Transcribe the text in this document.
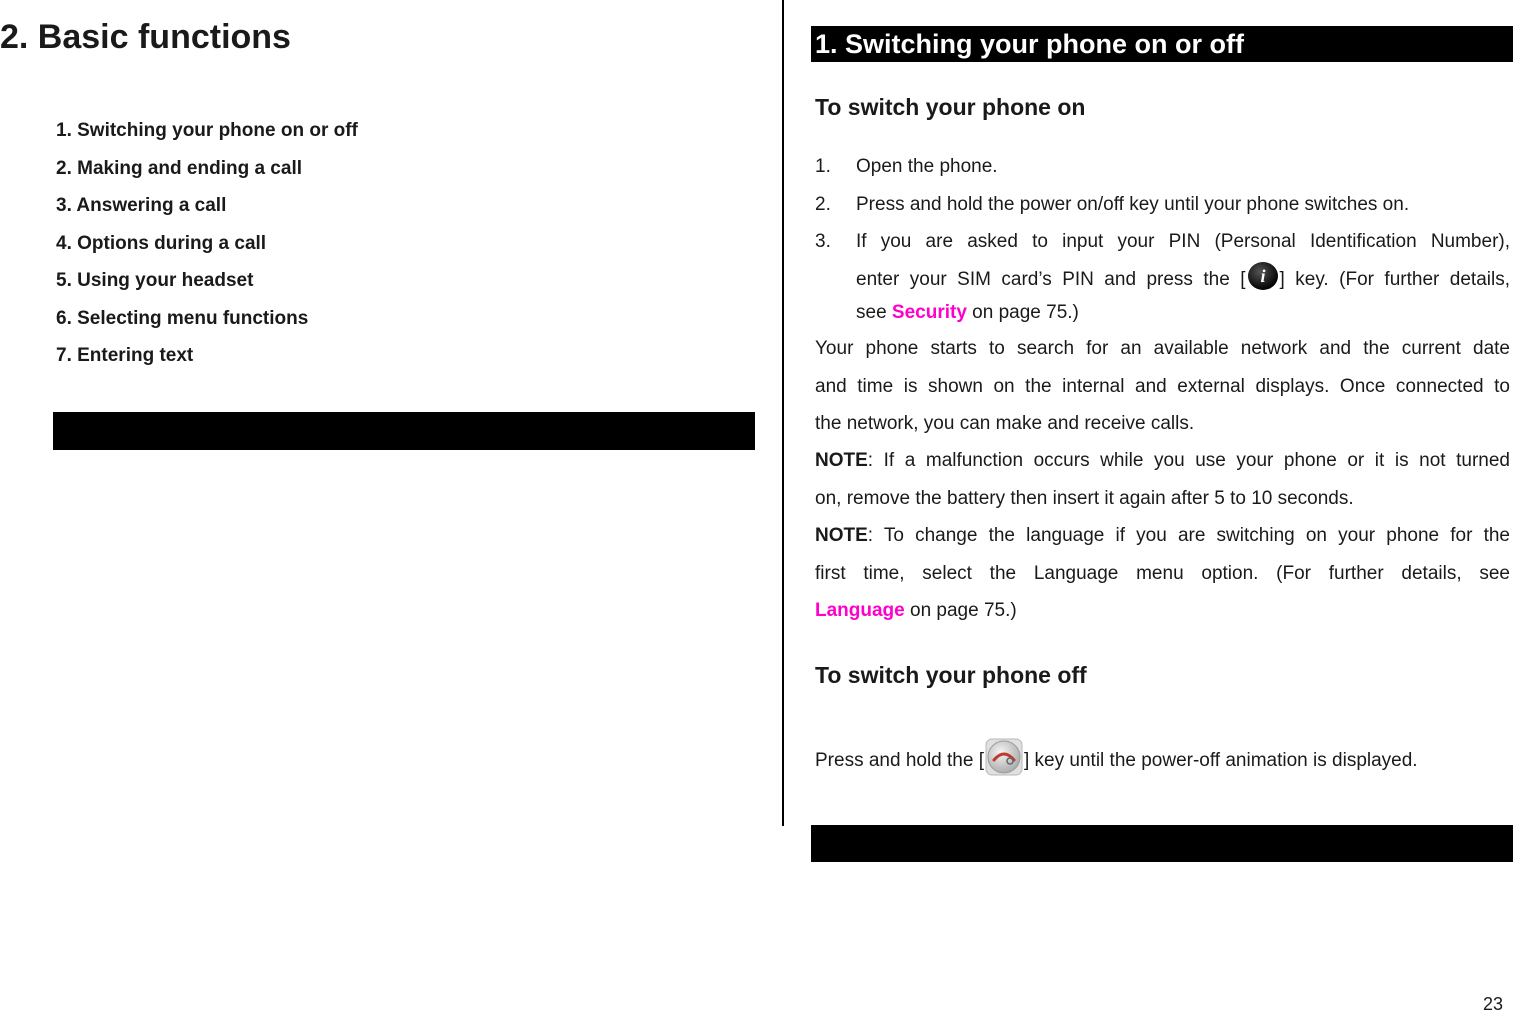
2. Basic functions
1. Switching your phone on or off
2. Making and ending a call
3. Answering a call
4. Options during a call
5. Using your headset
6. Selecting menu functions
7. Entering text
1. Switching your phone on or off
To switch your phone on
1. Open the phone.
2. Press and hold the power on/off key until your phone switches on.
3. If you are asked to input your PIN (Personal Identification Number),
enter your SIM card’s PIN and press the [ i ] key. (For further details,
see Security on page 75.)

Your phone starts to search for an available network and the current date
and time is shown on the internal and external displays. Once connected to
the network, you can make and receive calls.

NOTE: If a malfunction occurs while you use your phone or it is not turned
on, remove the battery then insert it again after 5 to 10 seconds.

NOTE: To change the language if you are switching on your phone for the
first time, select the Language menu option. (For further details, see
Language on page 75.)

To switch your phone off

Press and hold the [ ] key until the power-off animation is displayed.

23
